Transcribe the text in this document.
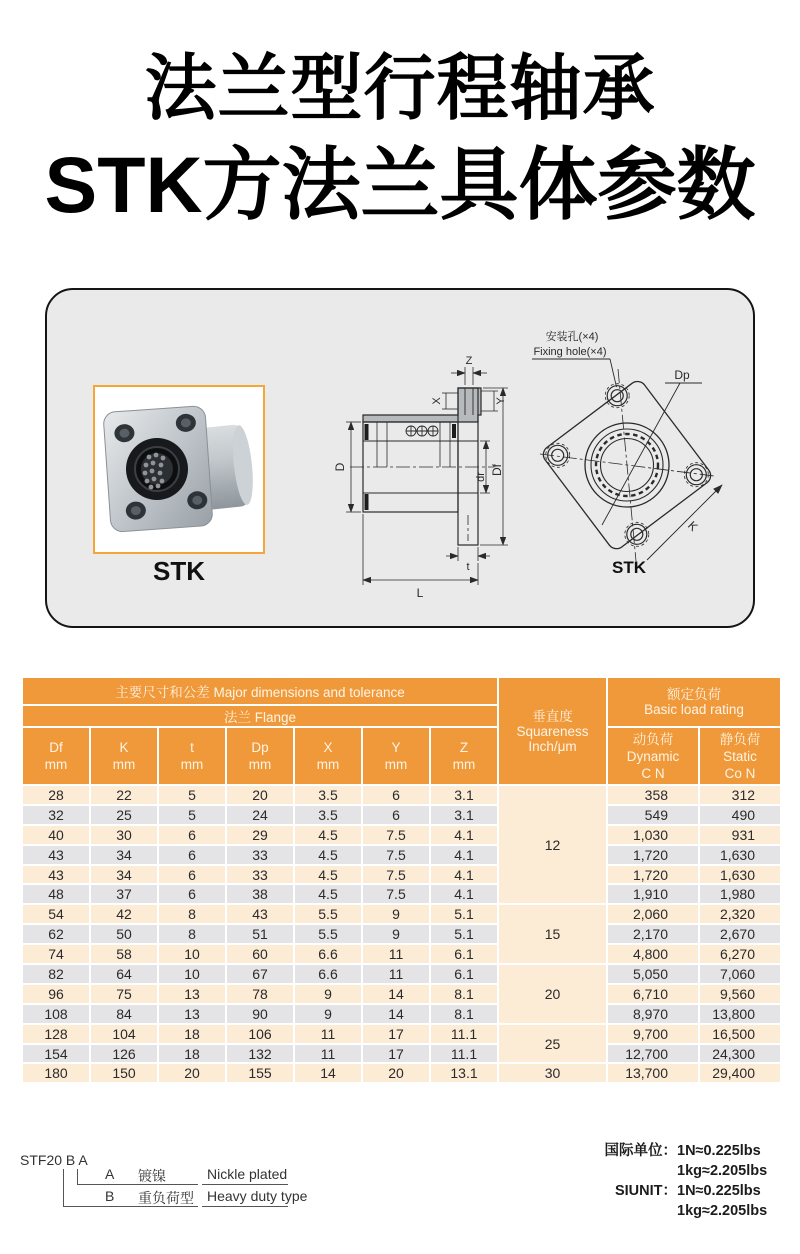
法兰型行程轴承
STK方法兰具体参数
STK
Z
X	Y
D
dr
Df
t
L
Dp
K
安装孔(×4)
Fixing hole(×4)
STK
主要尺寸和公差 Major dimensions and tolerance							垂直度
Squareness
Inch/μm	额定负荷
Basic load rating	
法兰 Flange									
Df
mm	K
mm	t
mm	Dp
mm	X
mm	Y
mm	Z
mm		动负荷
Dynamic
C N	静负荷
Static
Co N
28	22	5	20	3.5	6	3.1	12	358	312
32	25	5	24	3.5	6	3.1		549	490
40	30	6	29	4.5	7.5	4.1		1,030	931
43	34	6	33	4.5	7.5	4.1		1,720	1,630
43	34	6	33	4.5	7.5	4.1		1,720	1,630
48	37	6	38	4.5	7.5	4.1		1,910	1,980
54	42	8	43	5.5	9	5.1	15	2,060	2,320
62	50	8	51	5.5	9	5.1		2,170	2,670
74	58	10	60	6.6	11	6.1		4,800	6,270
82	64	10	67	6.6	11	6.1	20	5,050	7,060
96	75	13	78	9	14	8.1		6,710	9,560
108	84	13	90	9	14	8.1		8,970	13,800
128	104	18	106	11	17	11.1	25	9,700	16,500
154	126	18	132	11	17	11.1		12,700	24,300
180	150	20	155	14	20	13.1	30	13,700	29,400
STF20 B A
A 镀镍	Nickle plated
B 重负荷型 Heavy duty type
国际单位： 1N≈0.225lbs
1kg≈2.205lbs
SIUNIT： 1N≈0.225lbs
1kg≈2.205lbs
